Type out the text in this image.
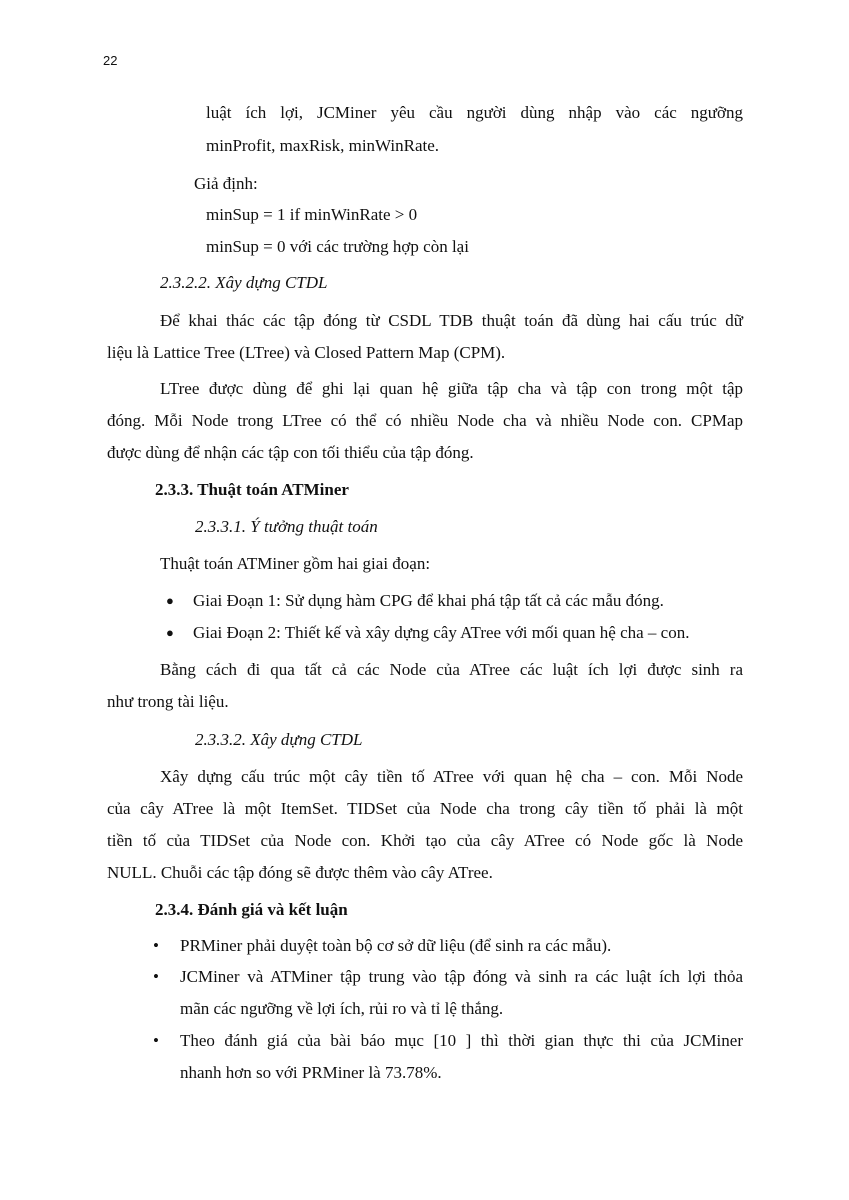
22
luật ích lợi, JCMiner yêu cầu người dùng nhập vào các ngưỡng
minProfit, maxRisk, minWinRate.
Giả định:
minSup = 1 if minWinRate > 0
minSup = 0 với các trường hợp còn lại
2.3.2.2. Xây dựng CTDL
Để khai thác các tập đóng từ CSDL TDB thuật toán đã dùng hai cấu trúc dữ
liệu là Lattice Tree (LTree) và Closed Pattern Map (CPM).
LTree được dùng để ghi lại quan hệ giữa tập cha và tập con trong một tập
đóng. Mỗi Node trong LTree có thể có nhiều Node cha và nhiều Node con. CPMap
được dùng để nhận các tập con tối thiểu của tập đóng.
2.3.3. Thuật toán ATMiner
2.3.3.1. Ý tưởng thuật toán
Thuật toán ATMiner gồm hai giai đoạn:
● Giai Đoạn 1: Sử dụng hàm CPG để khai phá tập tất cả các mẫu đóng.
● Giai Đoạn 2: Thiết kế và xây dựng cây ATree với mối quan hệ cha – con.
Bằng cách đi qua tất cả các Node của ATree các luật ích lợi được sinh ra
như trong tài liệu.
2.3.3.2. Xây dựng CTDL
Xây dựng cấu trúc một cây tiền tố ATree với quan hệ cha – con. Mỗi Node
của cây ATree là một ItemSet. TIDSet của Node cha trong cây tiền tố phải là một
tiền tố của TIDSet của Node con. Khởi tạo của cây ATree có Node gốc là Node
NULL. Chuỗi các tập đóng sẽ được thêm vào cây ATree.
2.3.4. Đánh giá và kết luận
• PRMiner phải duyệt toàn bộ cơ sở dữ liệu (để sinh ra các mẫu).
• JCMiner và ATMiner tập trung vào tập đóng và sinh ra các luật ích lợi thỏa
mãn các ngưỡng về lợi ích, rủi ro và tỉ lệ thắng.
• Theo đánh giá của bài báo mục [10 ] thì thời gian thực thi của JCMiner
nhanh hơn so với PRMiner là 73.78%.
